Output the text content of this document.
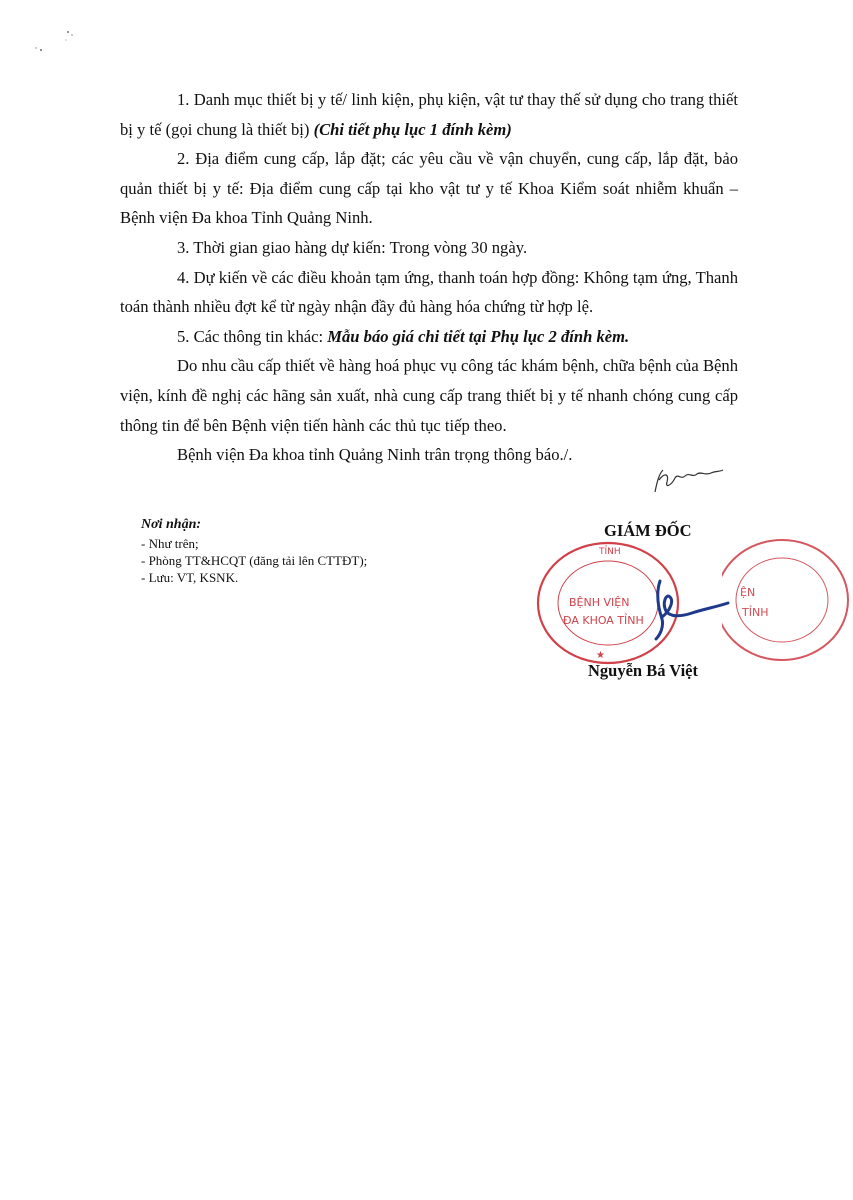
1. Danh mục thiết bị y tế/ linh kiện, phụ kiện, vật tư thay thế sử dụng cho trang thiết bị y tế (gọi chung là thiết bị) (Chi tiết phụ lục 1 đính kèm)

2. Địa điểm cung cấp, lắp đặt; các yêu cầu về vận chuyển, cung cấp, lắp đặt, bảo quản thiết bị y tế: Địa điểm cung cấp tại kho vật tư y tế Khoa Kiểm soát nhiễm khuẩn – Bệnh viện Đa khoa Tỉnh Quảng Ninh.

3. Thời gian giao hàng dự kiến: Trong vòng 30 ngày.

4. Dự kiến về các điều khoản tạm ứng, thanh toán hợp đồng: Không tạm ứng, Thanh toán thành nhiều đợt kể từ ngày nhận đầy đủ hàng hóa chứng từ hợp lệ.

5. Các thông tin khác: Mẫu báo giá chi tiết tại Phụ lục 2 đính kèm.

Do nhu cầu cấp thiết về hàng hoá phục vụ công tác khám bệnh, chữa bệnh của Bệnh viện, kính đề nghị các hãng sản xuất, nhà cung cấp trang thiết bị y tế nhanh chóng cung cấp thông tin để bên Bệnh viện tiến hành các thủ tục tiếp theo.

Bệnh viện Đa khoa tỉnh Quảng Ninh trân trọng thông báo./.

Nơi nhận:
- Như trên;
- Phòng TT&HCQT (đăng tải lên CTTĐT);
- Lưu: VT, KSNK.
GIÁM ĐỐC
TỈNH
BỆNH VIỆN
ĐA KHOA TỈNH
★
ỆN
TỈNH
Nguyễn Bá Việt
